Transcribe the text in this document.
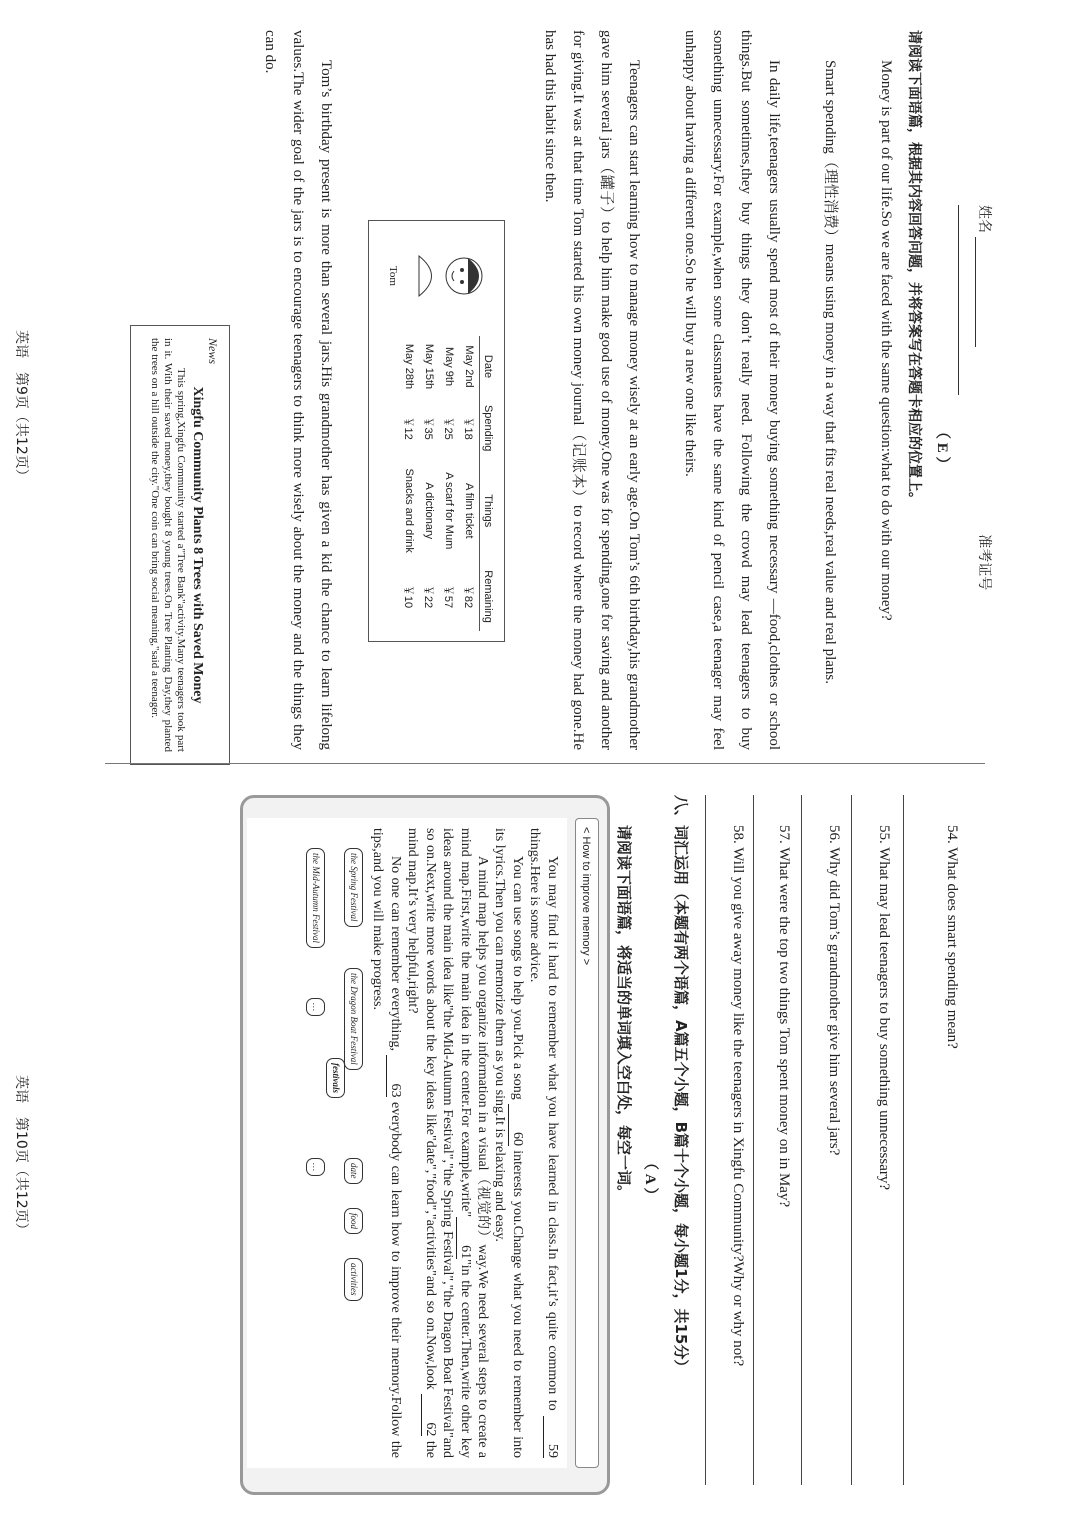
姓名   准考证号
（ E ）
请阅读下面语篇，根据其内容回答问题，并将答案写在答题卡相应的位置上。
Money is part of our life.So we are faced with the same question:what to do with our money?
Smart spending（理性消费）means using money in a way that fits real needs,real value and real plans.
In daily life,teenagers usually spend most of their money buying something necessary —food,clothes or school things.But sometimes,they buy things they don’t really need. Following the crowd may lead teenagers to buy something unnecessary.For example,when some classmates have the same kind of pencil case,a teenager may feel unhappy about having a different one.So he will buy a new one like theirs.
Teenagers can start learning how to manage money wisely at an early age.On Tom’s 6th birthday,his grandmother gave him several jars（罐子）to help him make good use of money.One was for spending,one for saving and another for giving.It was at that time Tom started his own money journal（记账本）to record where the money had gone.He has had this habit since then.
Tom
Date	Spending	Things	Remaining
May 2nd	￥18	A film ticket	￥82
May 9th	￥25	A scarf for Mum	￥57
May 15th	￥35	A dictionary	￥22
May 28th	￥12	Snacks and drink	￥10
Tom’s birthday present is more than several jars.His grandmother has given a kid the chance to learn lifelong values.The wider goal of the jars is to encourage teenagers to think more wisely about the money and the things they can do.
News
Xingfu Community Plants 8 Trees with Saved Money
This spring,Xingfu Community started a"Tree Bank"activity.Many teenagers took part in it. With their saved money,they bought 8 young trees.On Tree Planting Day,they planted the trees on a hill outside the city."One coin can bring social meaning,"said a teenager.
英语　第9页（共12页）
54. What does smart spending mean?
55. What may lead teenagers to buy something unnecessary?
56. Why did Tom’s grandmother give him several jars?
57. What were the top two things Tom spent money on in May?
58. Will you give away money like the teenagers in Xingfu Community?Why or why not?
八、词汇运用（本题有两个语篇，A篇五个小题，B篇十个小题，每小题1分，共15分）
（ A ）
请阅读下面语篇，将适当的单词填入空白处，每空一词。
< How to improve memory >

You may find it hard to remember what you have learned in class.In fact,it’s quite common to 59 things.Here is some advice.

You can use songs to help you.Pick a song 60 interests you.Change what you need to remember into its lyrics.Then you can memorize them as you sing.It is relaxing and easy.

A mind map helps you organize information in a visual（视觉的）way.We need several steps to create a mind map.First,write the main idea in the center.For example,write"61"in the center.Then,write other key ideas around the main idea like"the Mid-Autumn Festival","the Spring Festival","the Dragon Boat Festival"and so on.Next,write more words about the key ideas like"date","food","activities"and so on.Now,look 62 the mind map.It’s very helpful,right?

No one can remember everything, 63 everybody can learn how to improve their memory.Follow the tips,and you will make progress.

festivals
the Spring Festival
the Dragon Boat Festival
the Mid-Autumn Festival
…
date
food
activities
…
英语　第10页（共12页）
